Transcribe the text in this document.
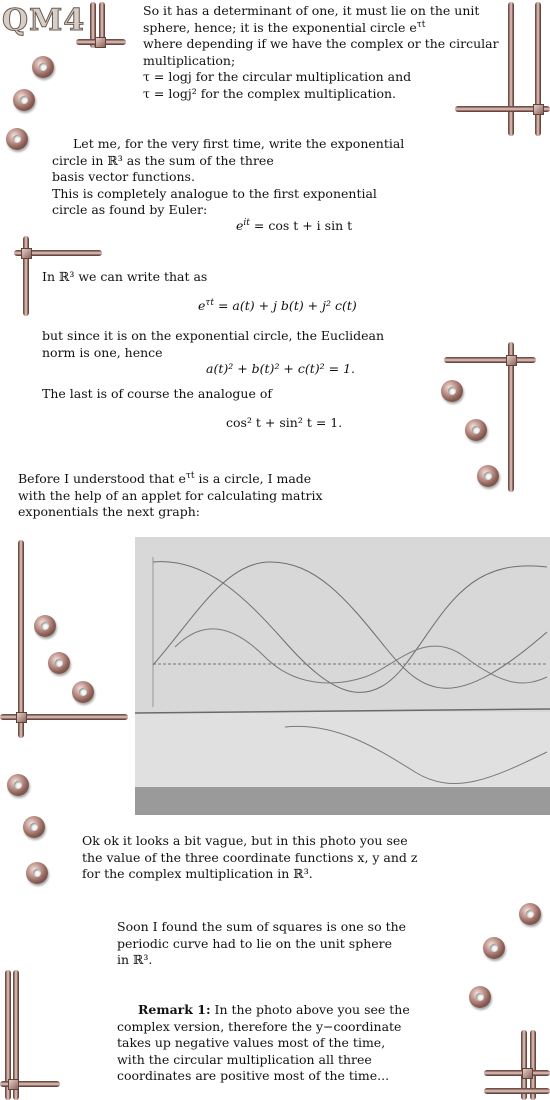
QM4	So it has a determinant of one, it must lie on the unit
sphere, hence; it is the exponential circle $e^{\tau t}$
where depending if we have the complex or the circular
multiplication;
τ = logj for the circular multiplication and
τ = logj² for the complex multiplication.
Let me, for the very first time, write the exponential
circle in ℝ³ as the sum of the three
basis vector functions.
This is completely analogue to the first exponential
circle as found by Euler:
$e^{it} = \cos t + i$ sin t
In ℝ³ we can write that as
$e^{\tau t} = a(t) + j$ b(t) + j² c(t)
but since it is on the exponential circle, the Euclidean
norm is one, hence
a(t)² + b(t)² + c(t)² = 1.
The last is of course the analogue of
cos² t + sin² t = 1.
Before I understood that $e^{\tau t}$ is a circle, I made
with the help of an applet for calculating matrix
exponentials the next graph:
Ok ok it looks a bit vague, but in this photo you see
the value of the three coordinate functions x, y and z
for the complex multiplication in ℝ³.
Soon I found the sum of squares is one so the
periodic curve had to lie on the unit sphere
in ℝ³.
Remark 1: In the photo above you see the
complex version, therefore the y−coordinate
takes up negative values most of the time,
with the circular multiplication all three
coordinates are positive most of the time...
